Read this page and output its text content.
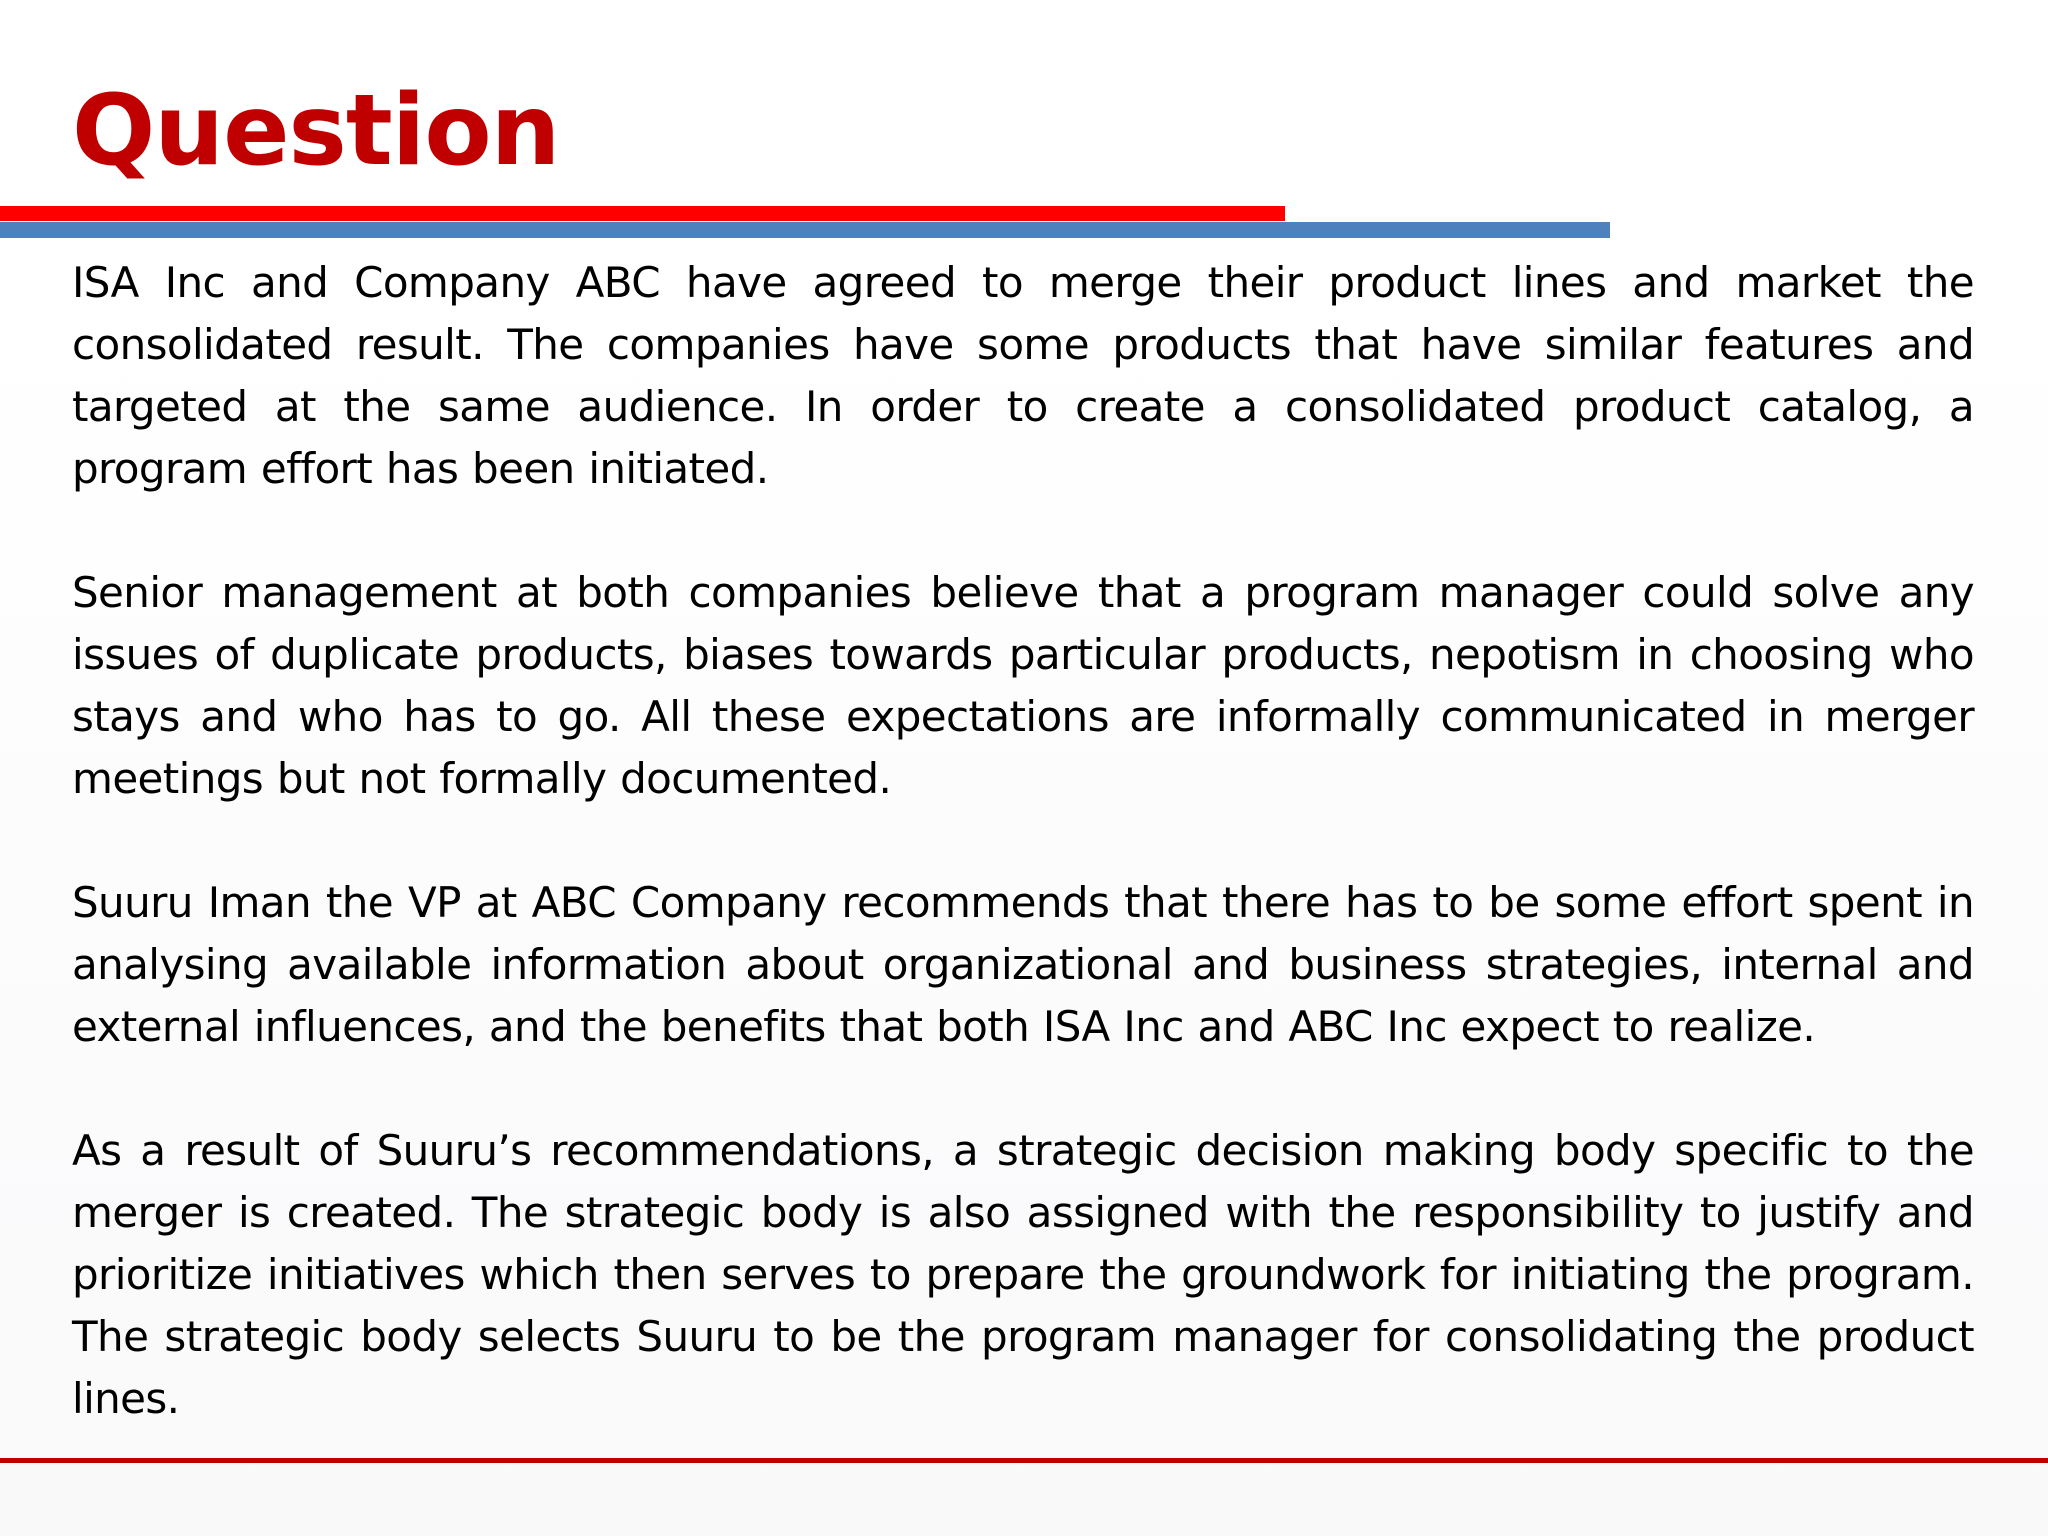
Question

ISA Inc and Company ABC have agreed to merge their product lines and market the consolidated result. The companies have some products that have similar features and targeted at the same audience. In order to create a consolidated product catalog, a program effort has been initiated.

Senior management at both companies believe that a program manager could solve any issues of duplicate products, biases towards particular products, nepotism in choosing who stays and who has to go. All these expectations are informally communicated in merger meetings but not formally documented.

Suuru Iman the VP at ABC Company recommends that there has to be some effort spent in analysing available information about organizational and business strategies, internal and external influences, and the benefits that both ISA Inc and ABC Inc expect to realize.

As a result of Suuru’s recommendations, a strategic decision making body specific to the merger is created. The strategic body is also assigned with the responsibility to justify and prioritize initiatives which then serves to prepare the groundwork for initiating the program. The strategic body selects Suuru to be the program manager for consolidating the product lines.
